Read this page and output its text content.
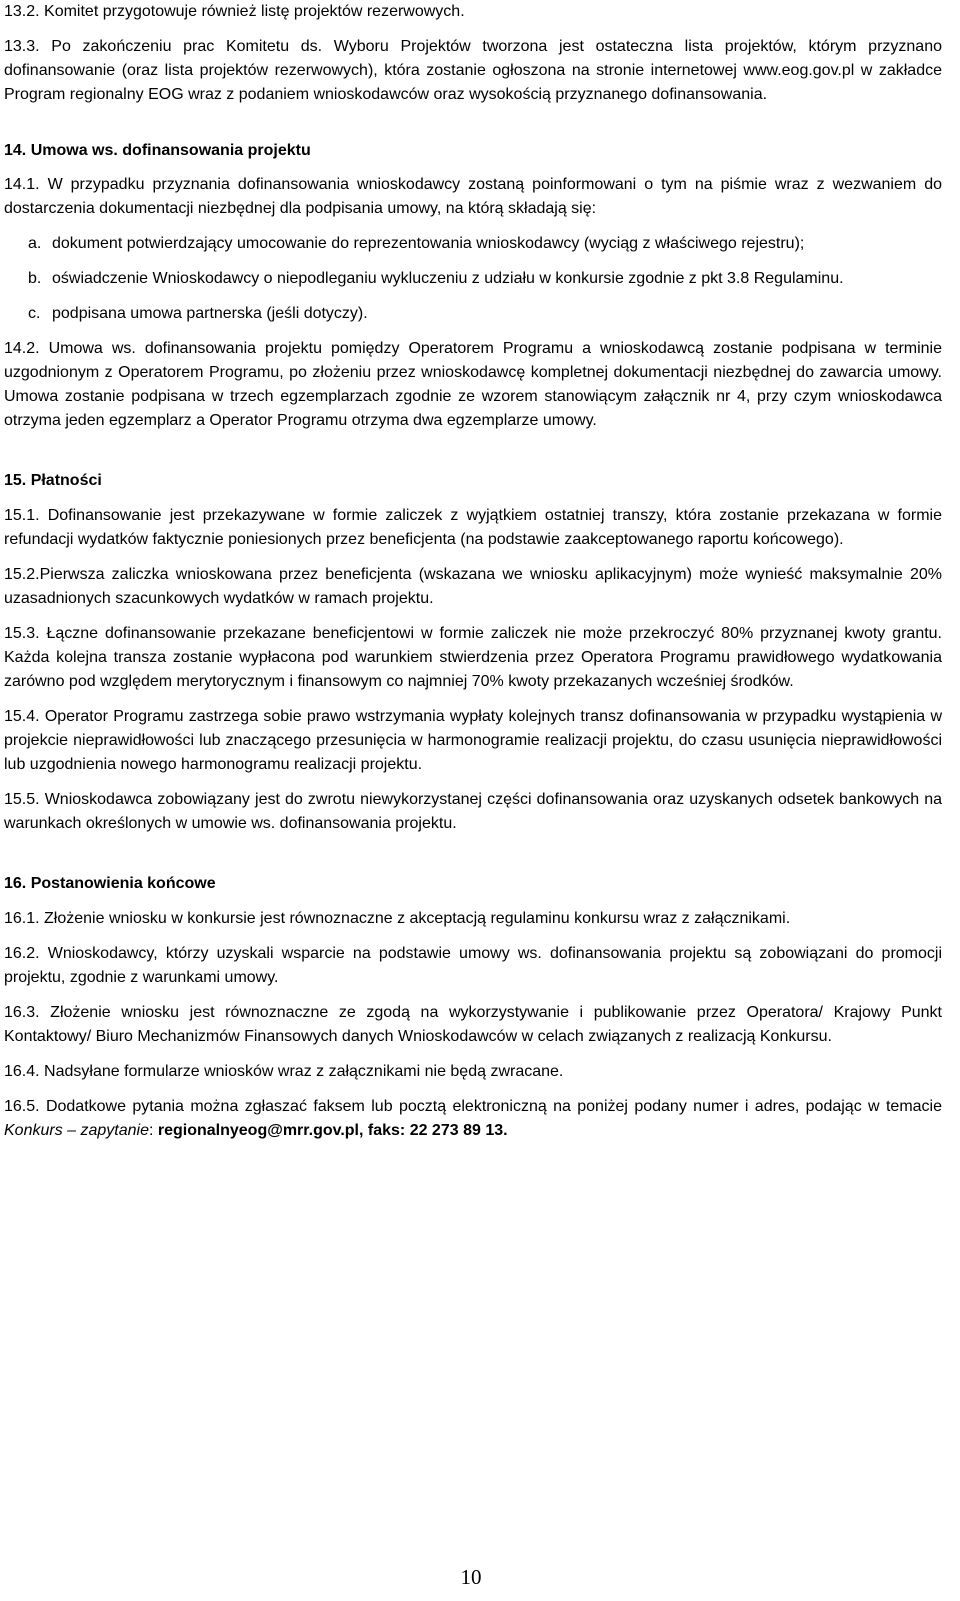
13.2. Komitet przygotowuje również listę projektów rezerwowych.

13.3. Po zakończeniu prac Komitetu ds. Wyboru Projektów tworzona jest ostateczna lista projektów, którym przyznano dofinansowanie (oraz lista projektów rezerwowych), która zostanie ogłoszona na stronie internetowej www.eog.gov.pl w zakładce Program regionalny EOG wraz z podaniem wnioskodawców oraz wysokością przyznanego dofinansowania.

14. Umowa ws. dofinansowania projektu

14.1. W przypadku przyznania dofinansowania wnioskodawcy zostaną poinformowani o tym na piśmie wraz z wezwaniem do dostarczenia dokumentacji niezbędnej dla podpisania umowy, na którą składają się:

a. dokument potwierdzający umocowanie do reprezentowania wnioskodawcy (wyciąg z właściwego rejestru);
b. oświadczenie Wnioskodawcy o niepodleganiu wykluczeniu z udziału w konkursie zgodnie z pkt 3.8 Regulaminu.
c. podpisana umowa partnerska (jeśli dotyczy).

14.2. Umowa ws. dofinansowania projektu pomiędzy Operatorem Programu a wnioskodawcą zostanie podpisana w terminie uzgodnionym z Operatorem Programu, po złożeniu przez wnioskodawcę kompletnej dokumentacji niezbędnej do zawarcia umowy. Umowa zostanie podpisana w trzech egzemplarzach zgodnie ze wzorem stanowiącym załącznik nr 4, przy czym wnioskodawca otrzyma jeden egzemplarz a Operator Programu otrzyma dwa egzemplarze umowy.

15. Płatności

15.1. Dofinansowanie jest przekazywane w formie zaliczek z wyjątkiem ostatniej transzy, która zostanie przekazana w formie refundacji wydatków faktycznie poniesionych przez beneficjenta (na podstawie zaakceptowanego raportu końcowego).

15.2.Pierwsza zaliczka wnioskowana przez beneficjenta (wskazana we wniosku aplikacyjnym) może wynieść maksymalnie 20% uzasadnionych szacunkowych wydatków w ramach projektu.

15.3. Łączne dofinansowanie przekazane beneficjentowi w formie zaliczek nie może przekroczyć 80% przyznanej kwoty grantu. Każda kolejna transza zostanie wypłacona pod warunkiem stwierdzenia przez Operatora Programu prawidłowego wydatkowania zarówno pod względem merytorycznym i finansowym co najmniej 70% kwoty przekazanych wcześniej środków.

15.4. Operator Programu zastrzega sobie prawo wstrzymania wypłaty kolejnych transz dofinansowania w przypadku wystąpienia w projekcie nieprawidłowości lub znaczącego przesunięcia w harmonogramie realizacji projektu, do czasu usunięcia nieprawidłowości lub uzgodnienia nowego harmonogramu realizacji projektu.

15.5. Wnioskodawca zobowiązany jest do zwrotu niewykorzystanej części dofinansowania oraz uzyskanych odsetek bankowych na warunkach określonych w umowie ws. dofinansowania projektu.

16. Postanowienia końcowe

16.1. Złożenie wniosku w konkursie jest równoznaczne z akceptacją regulaminu konkursu wraz z załącznikami.

16.2. Wnioskodawcy, którzy uzyskali wsparcie na podstawie umowy ws. dofinansowania projektu są zobowiązani do promocji projektu, zgodnie z warunkami umowy.

16.3. Złożenie wniosku jest równoznaczne ze zgodą na wykorzystywanie i publikowanie przez Operatora/ Krajowy Punkt Kontaktowy/ Biuro Mechanizmów Finansowych danych Wnioskodawców w celach związanych z realizacją Konkursu.

16.4. Nadsyłane formularze wniosków wraz z załącznikami nie będą zwracane.

16.5. Dodatkowe pytania można zgłaszać faksem lub pocztą elektroniczną na poniżej podany numer i adres, podając w temacie Konkurs – zapytanie: regionalnyeog@mrr.gov.pl, faks: 22 273 89 13.

10
